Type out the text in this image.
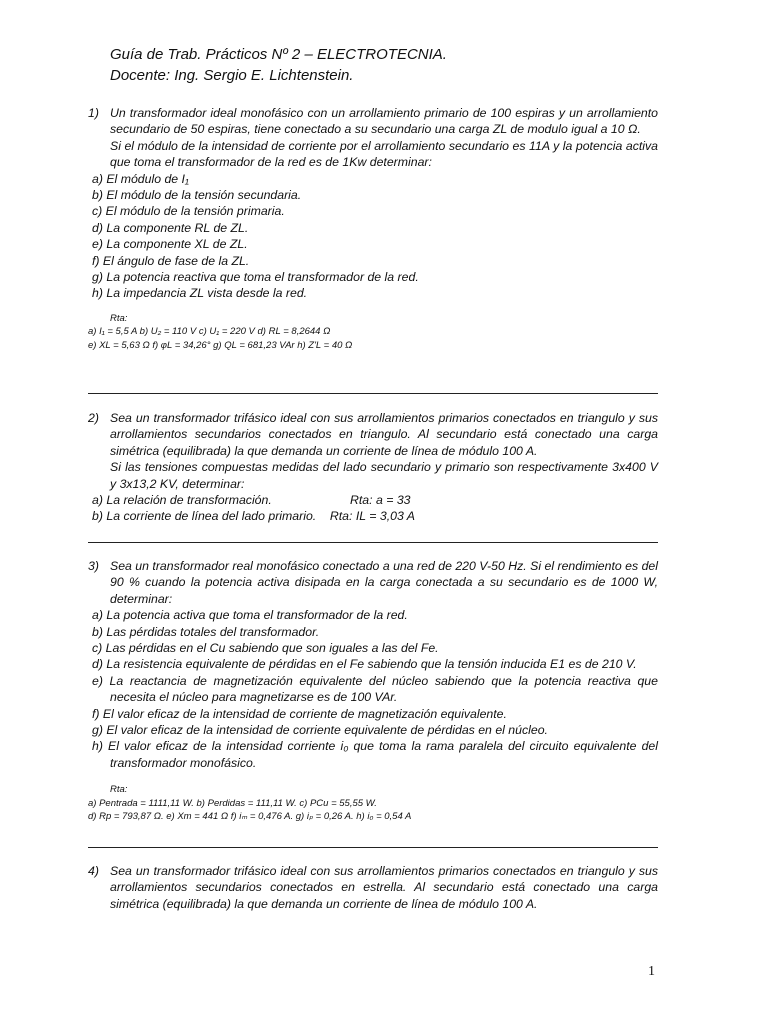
Guía de Trab. Prácticos Nº 2 – ELECTROTECNIA.
Docente: Ing. Sergio E. Lichtenstein.
1) Un transformador ideal monofásico con un arrollamiento primario de 100 espiras y un arrollamiento secundario de 50 espiras, tiene conectado a su secundario una carga ZL de modulo igual a 10 Ω.
Si el módulo de la intensidad de corriente por el arrollamiento secundario es 11A y la potencia activa que toma el transformador de la red es de 1Kw determinar:
a) El módulo de I₁
b) El módulo de la tensión secundaria.
c) El módulo de la tensión primaria.
d) La componente RL de ZL.
e) La componente XL de ZL.
f) El ángulo de fase de la ZL.
g) La potencia reactiva que toma el transformador de la red.
h) La impedancia ZL vista desde la red.
Rta:
a) I₁ = 5,5 A b) U₂ = 110 V c) U₁ = 220 V d) RL = 8,2644 Ω
e) XL = 5,63 Ω f) φL = 34,26° g) QL = 681,23 VAr h) Z'L = 40 Ω
2) Sea un transformador trifásico ideal con sus arrollamientos primarios conectados en triangulo y sus arrollamientos secundarios conectados en triangulo. Al secundario está conectado una carga simétrica (equilibrada) la que demanda un corriente de línea de módulo 100 A.
Si las tensiones compuestas medidas del lado secundario y primario son respectivamente 3x400 V y 3x13,2 KV, determinar:
a) La relación de transformación.	Rta: a = 33
b) La corriente de línea del lado primario. Rta: IL = 3,03 A
3) Sea un transformador real monofásico conectado a una red de 220 V-50 Hz. Si el rendimiento es del 90 % cuando la potencia activa disipada en la carga conectada a su secundario es de 1000 W, determinar:
a) La potencia activa que toma el transformador de la red.
b) Las pérdidas totales del transformador.
c) Las pérdidas en el Cu sabiendo que son iguales a las del Fe.
d) La resistencia equivalente de pérdidas en el Fe sabiendo que la tensión inducida E1 es de 210 V.
e) La reactancia de magnetización equivalente del núcleo sabiendo que la potencia reactiva que necesita el núcleo para magnetizarse es de 100 VAr.
f) El valor eficaz de la intensidad de corriente de magnetización equivalente.
g) El valor eficaz de la intensidad de corriente equivalente de pérdidas en el núcleo.
h) El valor eficaz de la intensidad corriente i₀ que toma la rama paralela del circuito equivalente del transformador monofásico.
Rta:
a) Pentrada = 1111,11 W. b) Perdidas = 111,11 W. c) PCu = 55,55 W.
d) Rp = 793,87 Ω. e) Xm = 441 Ω f) iₘ = 0,476 A. g) iₚ = 0,26 A. h) i₀ = 0,54 A
4) Sea un transformador trifásico ideal con sus arrollamientos primarios conectados en triangulo y sus arrollamientos secundarios conectados en estrella. Al secundario está conectado una carga simétrica (equilibrada) la que demanda un corriente de línea de módulo 100 A.
1
